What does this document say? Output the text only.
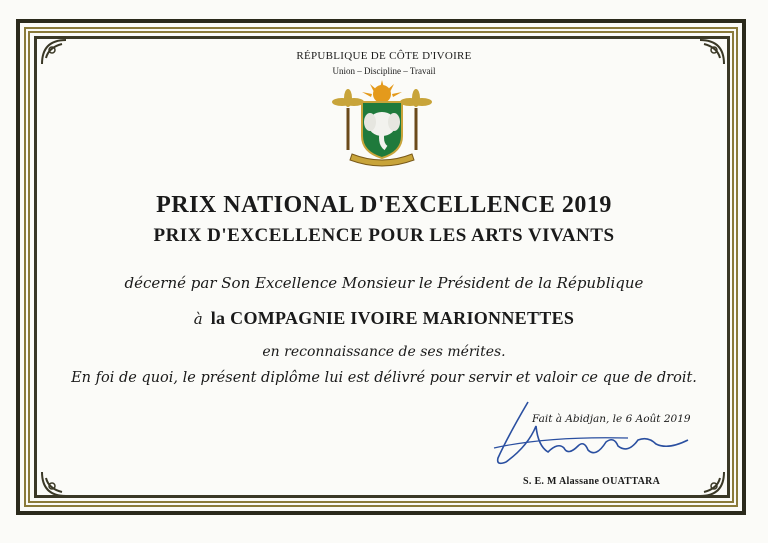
RÉPUBLIQUE DE CÔTE D'IVOIRE
Union – Discipline – Travail
PRIX NATIONAL D'EXCELLENCE 2019
PRIX D'EXCELLENCE POUR LES ARTS VIVANTS
décerné par Son Excellence Monsieur le Président de la République
à la COMPAGNIE IVOIRE MARIONNETTES
en reconnaissance de ses mérites.
En foi de quoi, le présent diplôme lui est délivré pour servir et valoir ce que de droit.
Fait à Abidjan, le 6 Août 2019
S. E. M Alassane OUATTARA
